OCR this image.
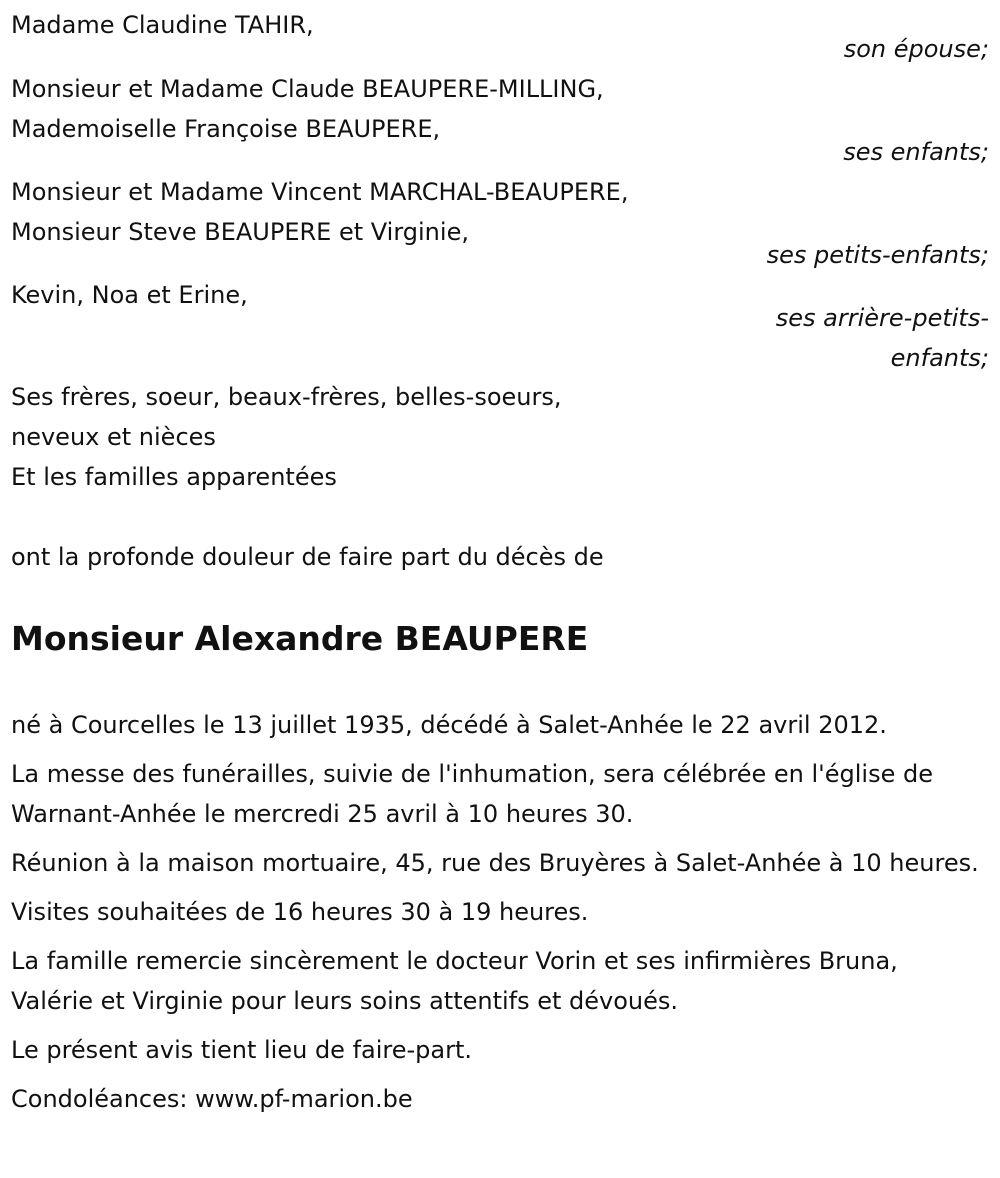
Madame Claudine TAHIR,
son épouse;
Monsieur et Madame Claude BEAUPERE-MILLING,
Mademoiselle Françoise BEAUPERE,
ses enfants;
Monsieur et Madame Vincent MARCHAL-BEAUPERE,
Monsieur Steve BEAUPERE et Virginie,
ses petits-enfants;
Kevin, Noa et Erine,
ses arrière-petits-
enfants;
Ses frères, soeur, beaux-frères, belles-soeurs,
neveux et nièces
Et les familles apparentées
ont la profonde douleur de faire part du décès de
Monsieur Alexandre BEAUPERE
né à Courcelles le 13 juillet 1935, décédé à Salet-Anhée le 22 avril 2012.
La messe des funérailles, suivie de l'inhumation, sera célébrée en l'église de Warnant-Anhée le mercredi 25 avril à 10 heures 30.
Réunion à la maison mortuaire, 45, rue des Bruyères à Salet-Anhée à 10 heures.
Visites souhaitées de 16 heures 30 à 19 heures.
La famille remercie sincèrement le docteur Vorin et ses infirmières Bruna, Valérie et Virginie pour leurs soins attentifs et dévoués.
Le présent avis tient lieu de faire-part.
Condoléances: www.pf-marion.be
